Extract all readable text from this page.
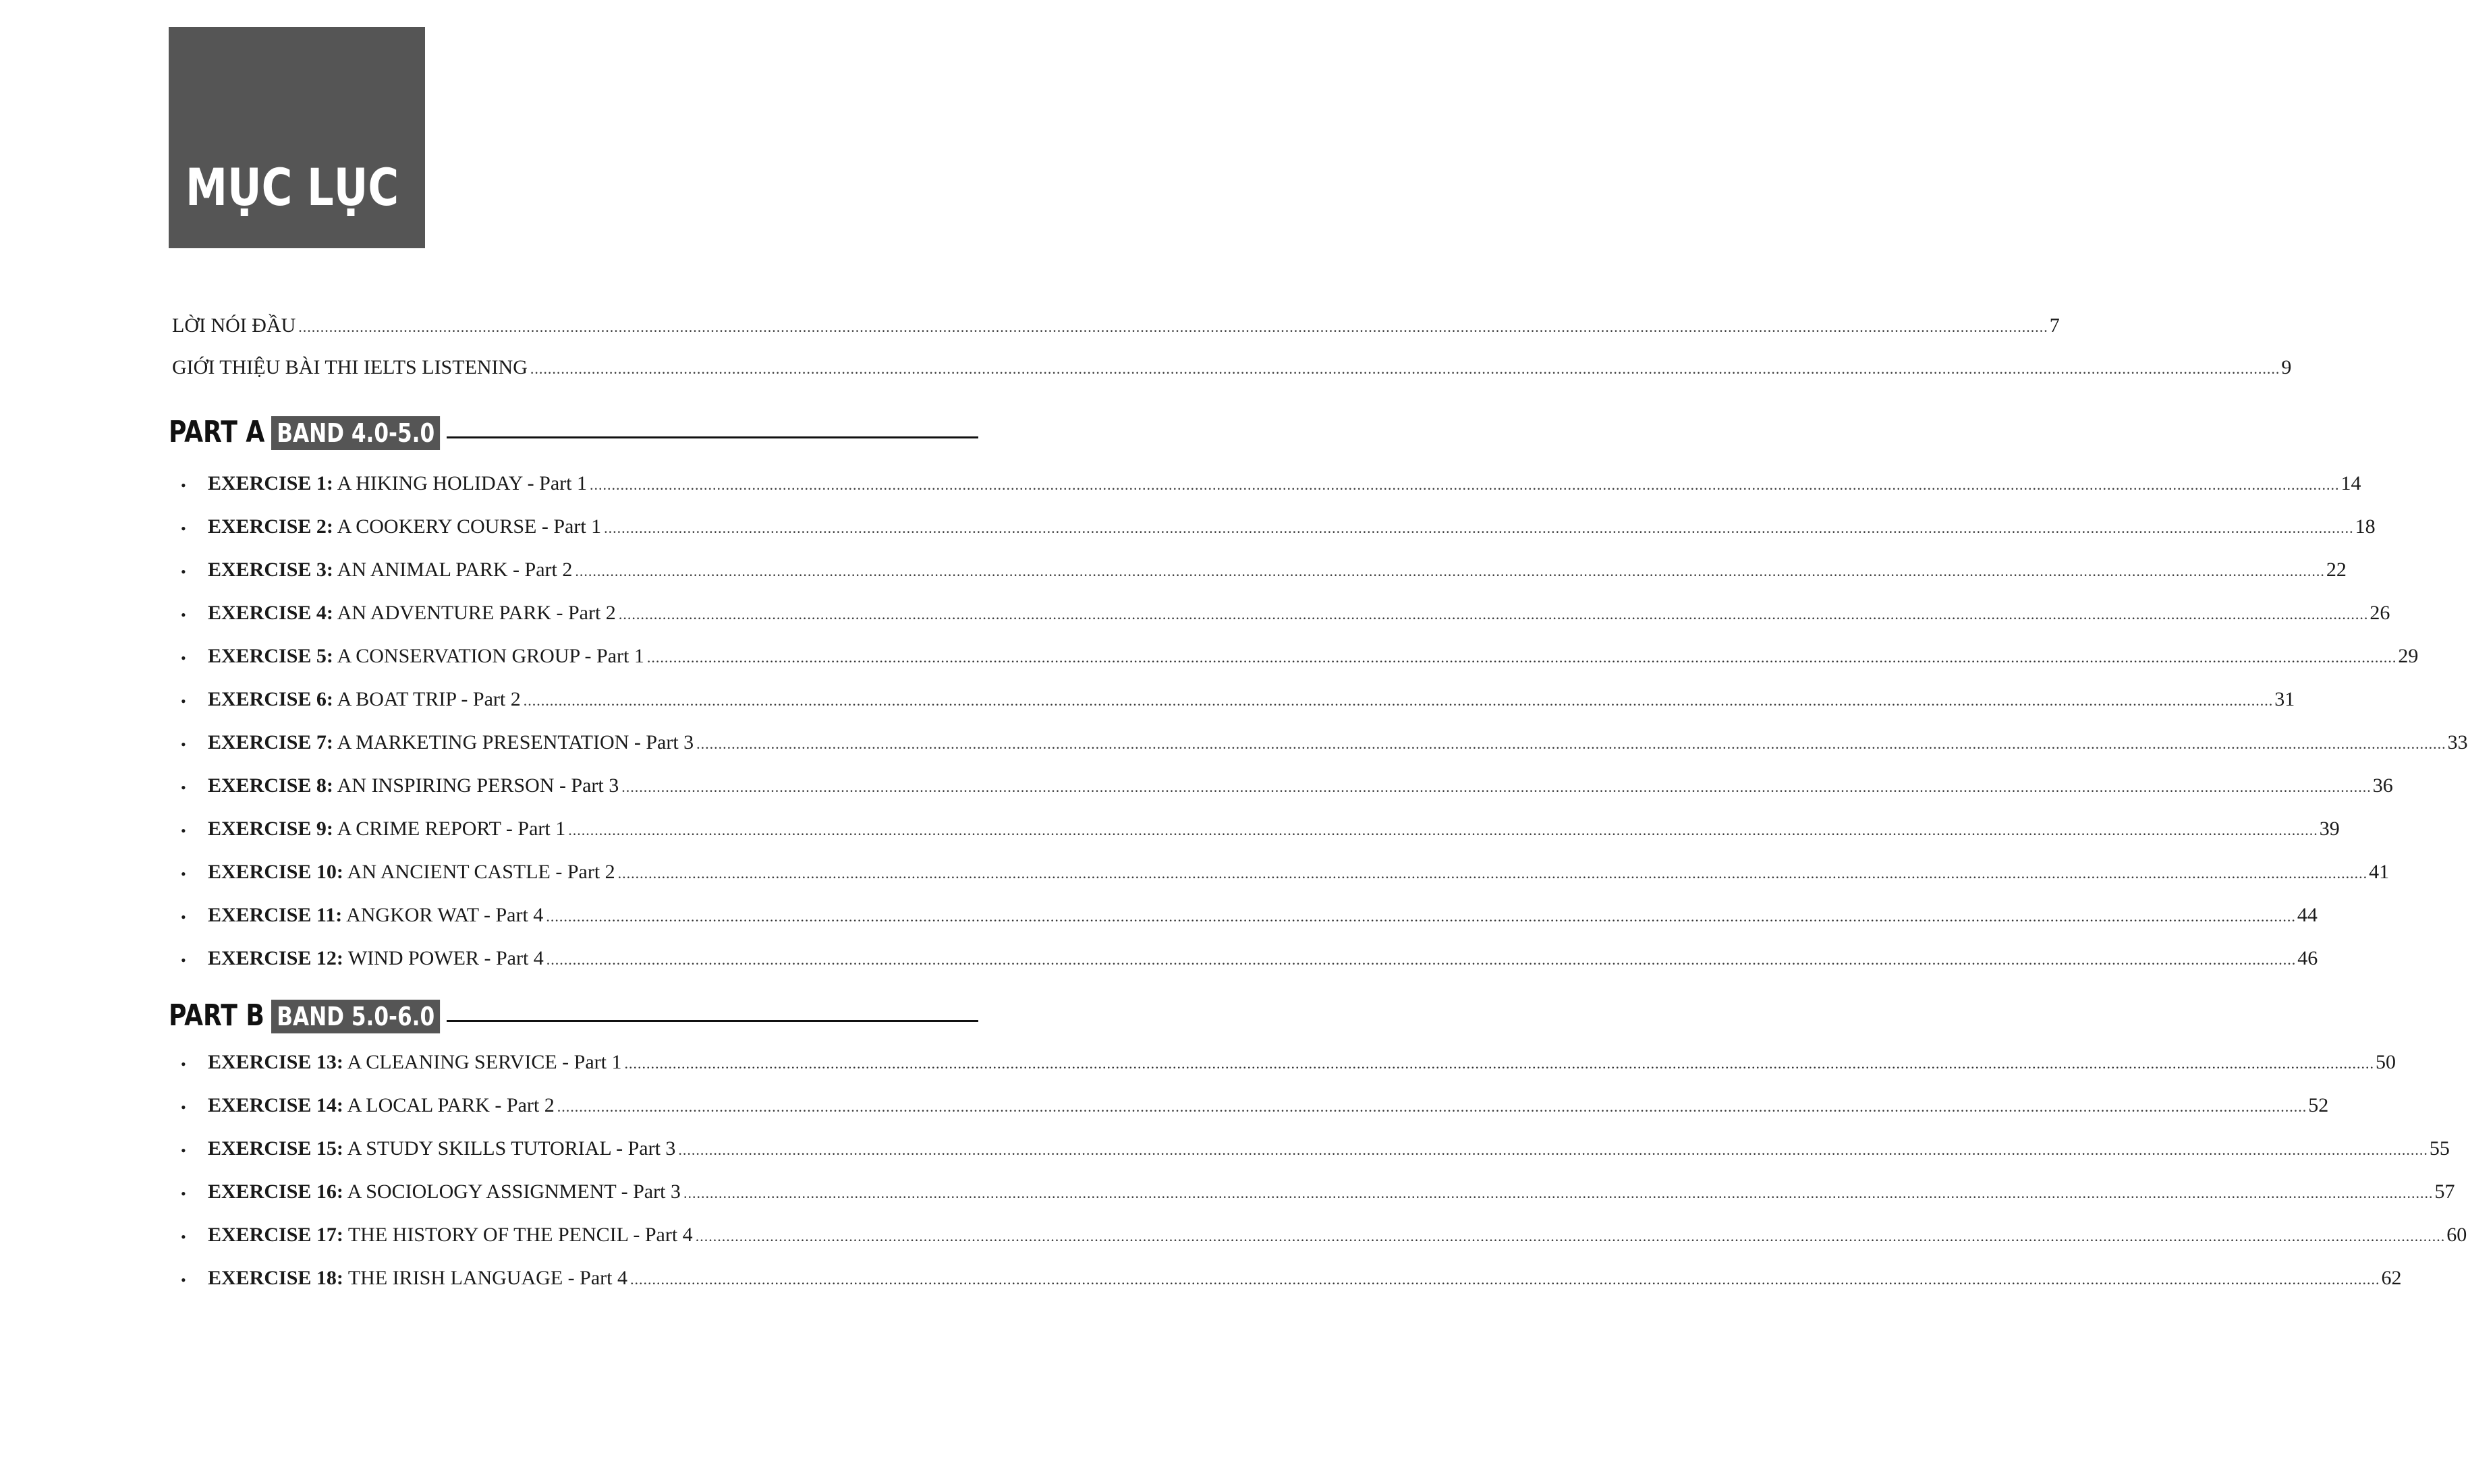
MỤC LỤC
LỜI NÓI ĐẦU ............................................................................................................................................................................................................................................................................................................................................................................................................... 7
GIỚI THIỆU BÀI THI IELTS LISTENING ............................................................................................................................................................................................................................................................................................................................................................................................................... 9
PART A BAND 4.0-5.0
• EXERCISE 1: A HIKING HOLIDAY - Part 1 ............................................................................................................................................................................................................................................................................................................................................................................................................... 14
• EXERCISE 2: A COOKERY COURSE - Part 1 ............................................................................................................................................................................................................................................................................................................................................................................................................... 18
• EXERCISE 3: AN ANIMAL PARK - Part 2 ............................................................................................................................................................................................................................................................................................................................................................................................................... 22
• EXERCISE 4: AN ADVENTURE PARK - Part 2 ............................................................................................................................................................................................................................................................................................................................................................................................................... 26
• EXERCISE 5: A CONSERVATION GROUP - Part 1 ............................................................................................................................................................................................................................................................................................................................................................................................................... 29
• EXERCISE 6: A BOAT TRIP - Part 2 ............................................................................................................................................................................................................................................................................................................................................................................................................... 31
• EXERCISE 7: A MARKETING PRESENTATION - Part 3 ............................................................................................................................................................................................................................................................................................................................................................................................................... 33
• EXERCISE 8: AN INSPIRING PERSON - Part 3 ............................................................................................................................................................................................................................................................................................................................................................................................................... 36
• EXERCISE 9: A CRIME REPORT - Part 1 ............................................................................................................................................................................................................................................................................................................................................................................................................... 39
• EXERCISE 10: AN ANCIENT CASTLE - Part 2 ............................................................................................................................................................................................................................................................................................................................................................................................................... 41
• EXERCISE 11: ANGKOR WAT - Part 4 ............................................................................................................................................................................................................................................................................................................................................................................................................... 44
• EXERCISE 12: WIND POWER - Part 4 ............................................................................................................................................................................................................................................................................................................................................................................................................... 46
PART B BAND 5.0-6.0
• EXERCISE 13: A CLEANING SERVICE - Part 1 ............................................................................................................................................................................................................................................................................................................................................................................................................... 50
• EXERCISE 14: A LOCAL PARK - Part 2 ............................................................................................................................................................................................................................................................................................................................................................................................................... 52
• EXERCISE 15: A STUDY SKILLS TUTORIAL - Part 3 ............................................................................................................................................................................................................................................................................................................................................................................................................... 55
• EXERCISE 16: A SOCIOLOGY ASSIGNMENT - Part 3 ............................................................................................................................................................................................................................................................................................................................................................................................................... 57
• EXERCISE 17: THE HISTORY OF THE PENCIL - Part 4 ............................................................................................................................................................................................................................................................................................................................................................................................................... 60
• EXERCISE 18: THE IRISH LANGUAGE - Part 4 ............................................................................................................................................................................................................................................................................................................................................................................................................... 62
